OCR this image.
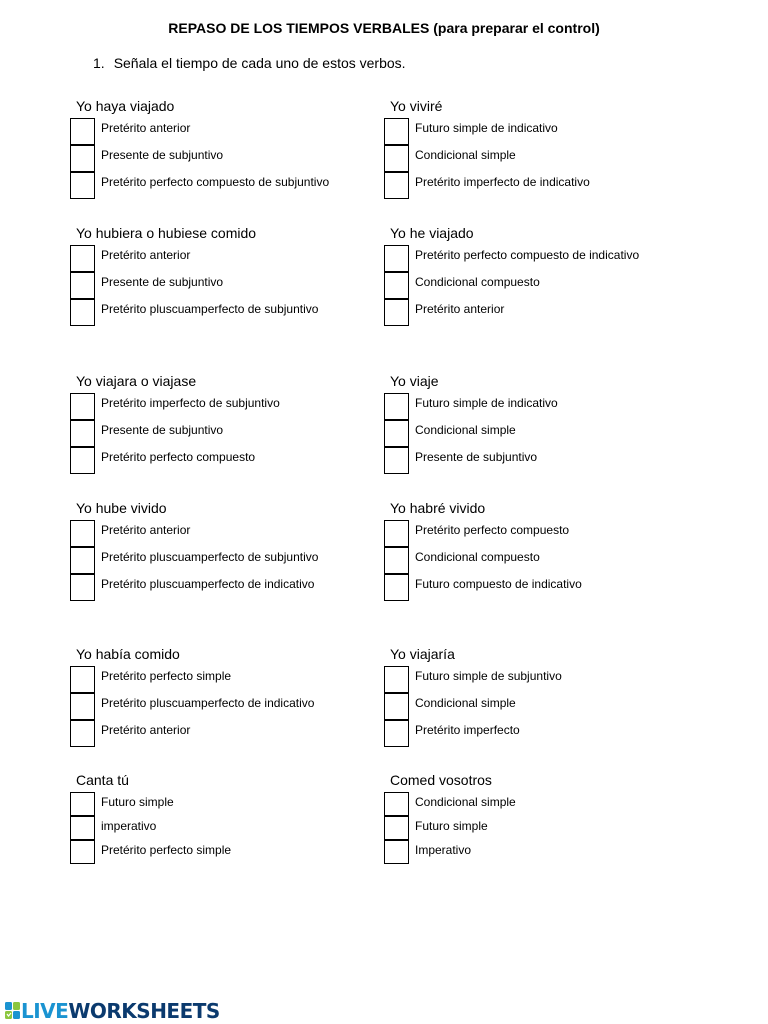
REPASO DE LOS TIEMPOS VERBALES (para preparar el control)
1. Señala el tiempo de cada uno de estos verbos.
Yo haya viajado
Pretérito anterior
Presente de subjuntivo
Pretérito perfecto compuesto de subjuntivo
Yo viviré
Futuro simple de indicativo
Condicional simple
Pretérito imperfecto de indicativo
Yo hubiera o hubiese comido
Pretérito anterior
Presente de subjuntivo
Pretérito pluscuamperfecto de subjuntivo
Yo he viajado
Pretérito perfecto compuesto de indicativo
Condicional compuesto
Pretérito anterior
Yo viajara o viajase
Pretérito imperfecto de subjuntivo
Presente de subjuntivo
Pretérito perfecto compuesto
Yo viaje
Futuro simple de indicativo
Condicional simple
Presente de subjuntivo
Yo hube vivido
Pretérito anterior
Pretérito pluscuamperfecto de subjuntivo
Pretérito pluscuamperfecto de indicativo
Yo habré vivido
Pretérito perfecto compuesto
Condicional compuesto
Futuro compuesto de indicativo
Yo había comido
Pretérito perfecto simple
Pretérito pluscuamperfecto de indicativo
Pretérito anterior
Yo viajaría
Futuro simple de subjuntivo
Condicional simple
Pretérito imperfecto
Canta tú
Futuro simple
imperativo
Pretérito perfecto simple
Comed vosotros
Condicional simple
Futuro simple
Imperativo
LIVEWORKSHEETS
